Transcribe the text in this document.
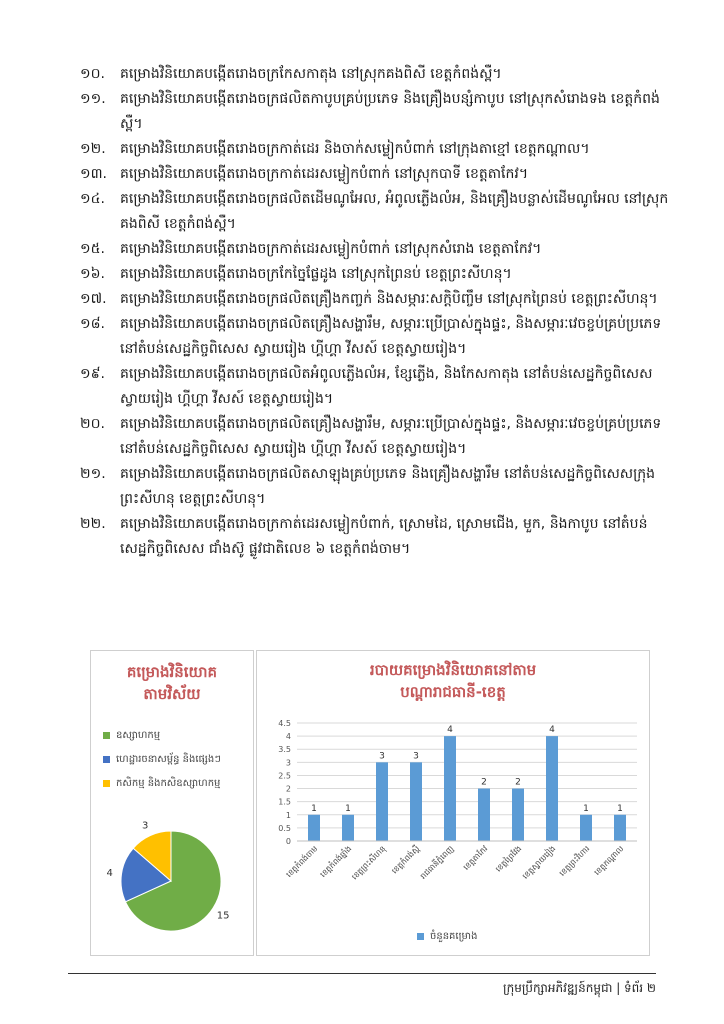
១០.	គម្រោងវិនិយោគបង្កើតរោងចក្រកែសកាតុង នៅស្រុកគងពិសី ខេត្តកំពង់ស្ពឺ។
១១.	គម្រោងវិនិយោគបង្កើតរោងចក្រផលិតកាបូបគ្រប់ប្រភេទ និងគ្រឿងបន្សំកាបូប នៅស្រុកសំរោងទង ខេត្តកំពង់ស្ពឺ។
១២.	គម្រោងវិនិយោគបង្កើតរោងចក្រកាត់ដេរ និងចាក់សម្លៀកបំពាក់ នៅក្រុងតាខ្មៅ ខេត្តកណ្តាល។
១៣. គម្រោងវិនិយោគបង្កើតរោងចក្រកាត់ដេរសម្លៀកបំពាក់ នៅស្រុកបាទី ខេត្តតាកែវ។
១៤.	គម្រោងវិនិយោគបង្កើតរោងចក្រផលិតដើមណូអែល, អំពូលភ្លើងលំអ, និងគ្រឿងបន្លាស់ដើមណូអែល នៅស្រុកគងពិសី ខេត្តកំពង់ស្ពឺ។
១៥.	គម្រោងវិនិយោគបង្កើតរោងចក្រកាត់ដេរសម្លៀកបំពាក់ នៅស្រុកសំរោង ខេត្តតាកែវ។
១៦.	គម្រោងវិនិយោគបង្កើតរោងចក្រកែច្នៃផ្លែដូង នៅស្រុកព្រៃនប់ ខេត្តព្រះសីហនុ។
១៧. គម្រោងវិនិយោគបង្កើតរោងចក្រផលិតគ្រឿងកញ្ចក់ និងសម្ភារៈសក្តិបិញ្ចឹម នៅស្រុកព្រៃនប់ ខេត្តព្រះសីហនុ។
១៨.	គម្រោងវិនិយោគបង្កើតរោងចក្រផលិតគ្រឿងសង្ហារឹម, សម្ភារៈប្រើប្រាស់ក្នុងផ្ទះ, និងសម្ភារៈវេចខ្ចប់គ្រប់ប្រភេទ នៅតំបន់សេដ្ឋកិច្ចពិសេស ស្វាយរៀង ហ្គីហ្គា វីសស៍ ខេត្តស្វាយរៀង។
១៩.	គម្រោងវិនិយោគបង្កើតរោងចក្រផលិតអំពូលភ្លើងលំអ, ខ្សែភ្លើង, និងកែសកាតុង នៅតំបន់សេដ្ឋកិច្ចពិសេស ស្វាយរៀង ហ្គីហ្គា វីសស៍ ខេត្តស្វាយរៀង។
២០.	គម្រោងវិនិយោគបង្កើតរោងចក្រផលិតគ្រឿងសង្ហារឹម, សម្ភារៈប្រើប្រាស់ក្នុងផ្ទះ, និងសម្ភារៈវេចខ្ចប់គ្រប់ប្រភេទ នៅតំបន់សេដ្ឋកិច្ចពិសេស ស្វាយរៀង ហ្គីហ្គា វីសស៍ ខេត្តស្វាយរៀង។
២១.	គម្រោងវិនិយោគបង្កើតរោងចក្រផលិតសាឡុងគ្រប់ប្រភេទ និងគ្រឿងសង្ហារឹម នៅតំបន់សេដ្ឋកិច្ចពិសេសក្រុងព្រះសីហនុ ខេត្តព្រះសីហនុ។
២២.	គម្រោងវិនិយោគបង្កើតរោងចក្រកាត់ដេរសម្លៀកបំពាក់, ស្រោមដៃ, ស្រោមជើង, មួក, និងកាបូប នៅតំបន់សេដ្ឋកិច្ចពិសេស ជាំងស៊ូ ផ្លូវជាតិលេខ ៦ ខេត្តកំពង់ចាម។
គម្រោងវិនិយោគ
តាមវិស័យ
ឧស្សាហកម្ម
ហេដ្ឋារចនាសម្ព័ន្ធ និងផ្សេងៗ
កសិកម្ម និងកសិឧស្សាហកម្ម
15
4
3
របាយគម្រោងវិនិយោគនៅតាម
បណ្តារាជធានី-ខេត្ត
0
0.5
1
1.5
2
2.5
3
3.5
4
4.5
1
ខេត្តកំពង់ចាម
1
ខេត្តកំពង់ឆ្នាំង
3
ខេត្តព្រះសីហនុ
3
ខេត្តកំពង់ស្ពឺ
4
រាជធានីភ្នំពេញ
2
ខេត្តតាកែវ
2
ខេត្តព្រៃវែង
4
ខេត្តស្វាយរៀង
1
ខេត្តព្រះវិហារ
1
ខេត្តកណ្តាល
ចំនួនគម្រោង
ក្រុមប្រឹក្សាអភិវឌ្ឍន៍កម្ពុជា | ទំព័រ ២
